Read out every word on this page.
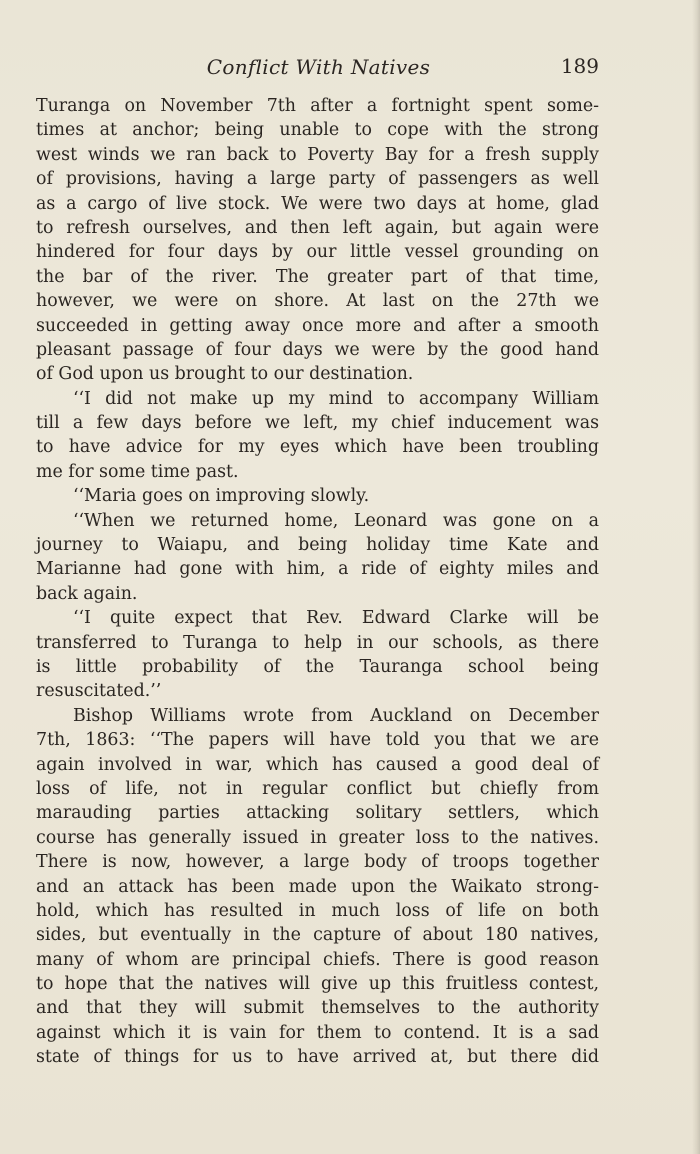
Conflict With Natives	189
Turanga on November 7th after a fortnight spent some-
times at anchor; being unable to cope with the strong
west winds we ran back to Poverty Bay for a fresh supply
of provisions, having a large party of passengers as well
as a cargo of live stock. We were two days at home, glad
to refresh ourselves, and then left again, but again were
hindered for four days by our little vessel grounding on
the bar of the river. The greater part of that time,
however, we were on shore. At last on the 27th we
succeeded in getting away once more and after a smooth
pleasant passage of four days we were by the good hand
of God upon us brought to our destination.
‘‘I did not make up my mind to accompany William
till a few days before we left, my chief inducement was
to have advice for my eyes which have been troubling
me for some time past.
‘‘Maria goes on improving slowly.
‘‘When we returned home, Leonard was gone on a
journey to Waiapu, and being holiday time Kate and
Marianne had gone with him, a ride of eighty miles and
back again.
‘‘I quite expect that Rev. Edward Clarke will be
transferred to Turanga to help in our schools, as there
is little probability of the Tauranga school being
resuscitated.’’
Bishop Williams wrote from Auckland on December
7th, 1863: ‘‘The papers will have told you that we are
again involved in war, which has caused a good deal of
loss of life, not in regular conflict but chiefly from
marauding parties attacking solitary settlers, which
course has generally issued in greater loss to the natives.
There is now, however, a large body of troops together
and an attack has been made upon the Waikato strong-
hold, which has resulted in much loss of life on both
sides, but eventually in the capture of about 180 natives,
many of whom are principal chiefs. There is good reason
to hope that the natives will give up this fruitless contest,
and that they will submit themselves to the authority
against which it is vain for them to contend. It is a sad
state of things for us to have arrived at, but there did
